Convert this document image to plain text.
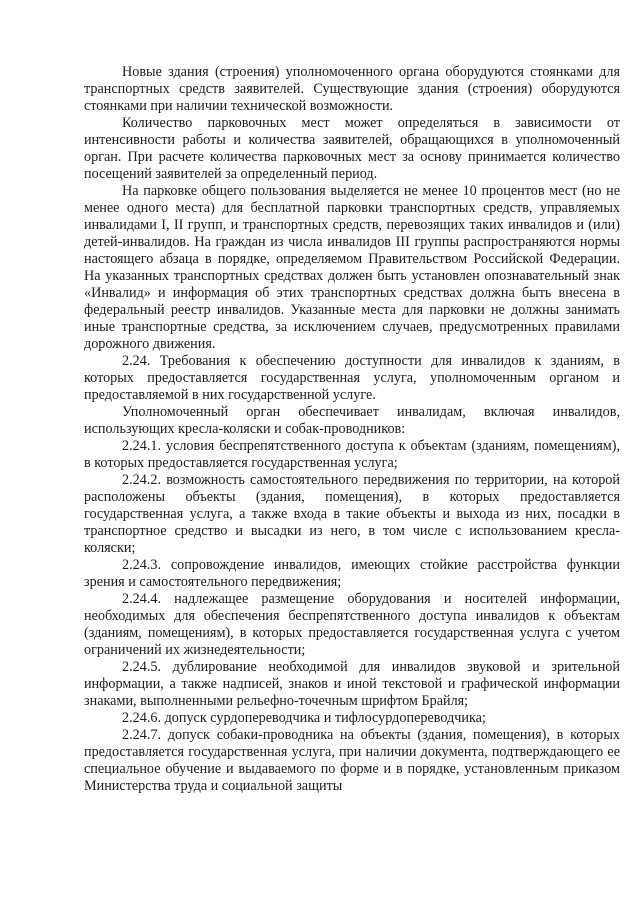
Новые здания (строения) уполномоченного органа оборудуются стоянками для транспортных средств заявителей. Существующие здания (строения) оборудуются стоянками при наличии технической возможности.

Количество парковочных мест может определяться в зависимости от интенсивности работы и количества заявителей, обращающихся в уполномоченный орган. При расчете количества парковочных мест за основу принимается количество посещений заявителей за определенный период.

На парковке общего пользования выделяется не менее 10 процентов мест (но не менее одного места) для бесплатной парковки транспортных средств, управляемых инвалидами I, II групп, и транспортных средств, перевозящих таких инвалидов и (или) детей-инвалидов. На граждан из числа инвалидов III группы распространяются нормы настоящего абзаца в порядке, определяемом Правительством Российской Федерации. На указанных транспортных средствах должен быть установлен опознавательный знак «Инвалид» и информация об этих транспортных средствах должна быть внесена в федеральный реестр инвалидов. Указанные места для парковки не должны занимать иные транспортные средства, за исключением случаев, предусмотренных правилами дорожного движения.

2.24. Требования к обеспечению доступности для инвалидов к зданиям, в которых предоставляется государственная услуга, уполномоченным органом и предоставляемой в них государственной услуге.

Уполномоченный орган обеспечивает инвалидам, включая инвалидов, использующих кресла-коляски и собак-проводников:

2.24.1. условия беспрепятственного доступа к объектам (зданиям, помещениям), в которых предоставляется государственная услуга;

2.24.2. возможность самостоятельного передвижения по территории, на которой расположены объекты (здания, помещения), в которых предоставляется государственная услуга, а также входа в такие объекты и выхода из них, посадки в транспортное средство и высадки из него, в том числе с использованием кресла-коляски;

2.24.3. сопровождение инвалидов, имеющих стойкие расстройства функции зрения и самостоятельного передвижения;

2.24.4. надлежащее размещение оборудования и носителей информации, необходимых для обеспечения беспрепятственного доступа инвалидов к объектам (зданиям, помещениям), в которых предоставляется государственная услуга с учетом ограничений их жизнедеятельности;

2.24.5. дублирование необходимой для инвалидов звуковой и зрительной информации, а также надписей, знаков и иной текстовой и графической информации знаками, выполненными рельефно-точечным шрифтом Брайля;

2.24.6. допуск сурдопереводчика и тифлосурдопереводчика;

2.24.7. допуск собаки-проводника на объекты (здания, помещения), в которых предоставляется государственная услуга, при наличии документа, подтверждающего ее специальное обучение и выдаваемого по форме и в порядке, установленным приказом Министерства труда и социальной защиты
